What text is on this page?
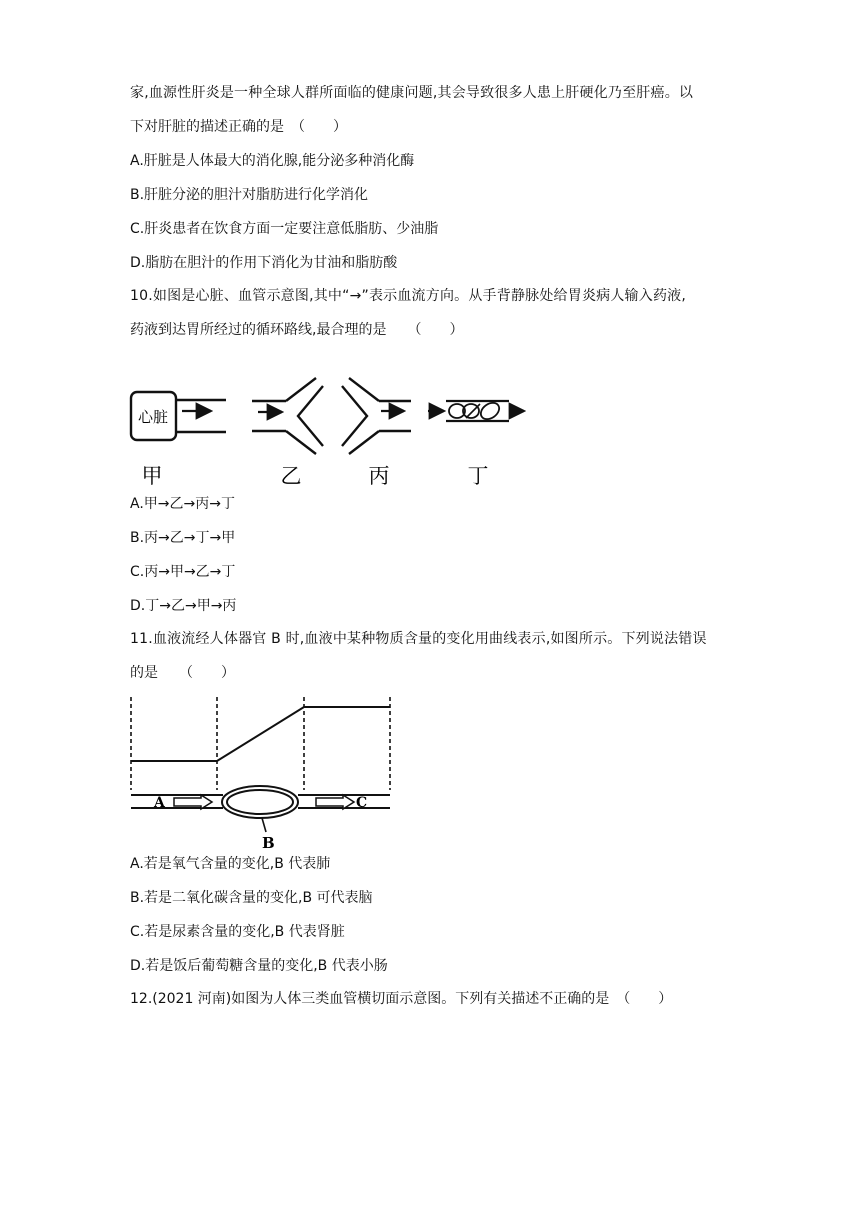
家,血源性肝炎是一种全球人群所面临的健康问题,其会导致很多人患上肝硬化乃至肝癌。以
下对肝脏的描述正确的是　（　　）
A.肝脏是人体最大的消化腺,能分泌多种消化酶
B.肝脏分泌的胆汁对脂肪进行化学消化
C.肝炎患者在饮食方面一定要注意低脂肪、少油脂
D.脂肪在胆汁的作用下消化为甘油和脂肪酸
10.如图是心脏、血管示意图,其中“→”表示血流方向。从手背静脉处给胃炎病人输入药液,
药液到达胃所经过的循环路线,最合理的是　　（　　）
心脏
甲	乙	丙	丁
A.甲→乙→丙→丁
B.丙→乙→丁→甲
C.丙→甲→乙→丁
D.丁→乙→甲→丙
11.血液流经人体器官 B 时,血液中某种物质含量的变化用曲线表示,如图所示。下列说法错误
的是　　（　　）
A	C
B
A.若是氧气含量的变化,B 代表肺
B.若是二氧化碳含量的变化,B 可代表脑
C.若是尿素含量的变化,B 代表肾脏
D.若是饭后葡萄糖含量的变化,B 代表小肠
12.(2021 河南)如图为人体三类血管横切面示意图。下列有关描述不正确的是　（　　）
